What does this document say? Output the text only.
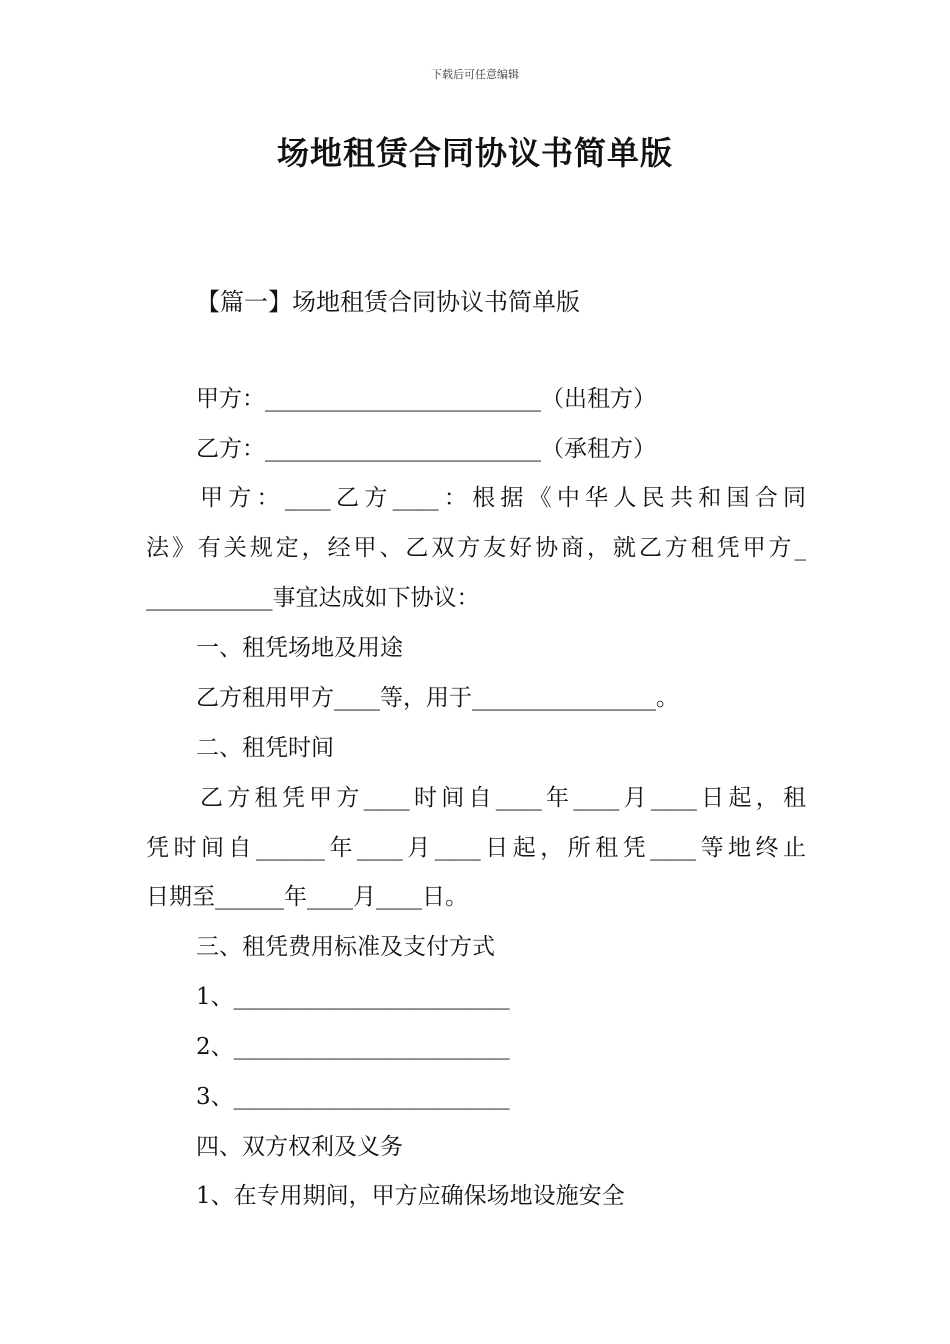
下载后可任意编辑
场地租赁合同协议书简单版
【篇一】场地租赁合同协议书简单版
甲方：________________________（出租方）
乙方：________________________（承租方）
甲方：____乙方____：根据《中华人民共和国合同
法》有关规定，经甲、乙双方友好协商，就乙方租凭甲方_
___________事宜达成如下协议：
一、租凭场地及用途
乙方租用甲方____等，用于________________。
二、租凭时间
乙方租凭甲方____时间自____年____月____日起，租
凭时间自______年____月____日起，所租凭____等地终止
日期至______年____月____日。
三、租凭费用标准及支付方式
1、________________________
2、________________________
3、________________________
四、双方权利及义务
1、在专用期间，甲方应确保场地设施安全
